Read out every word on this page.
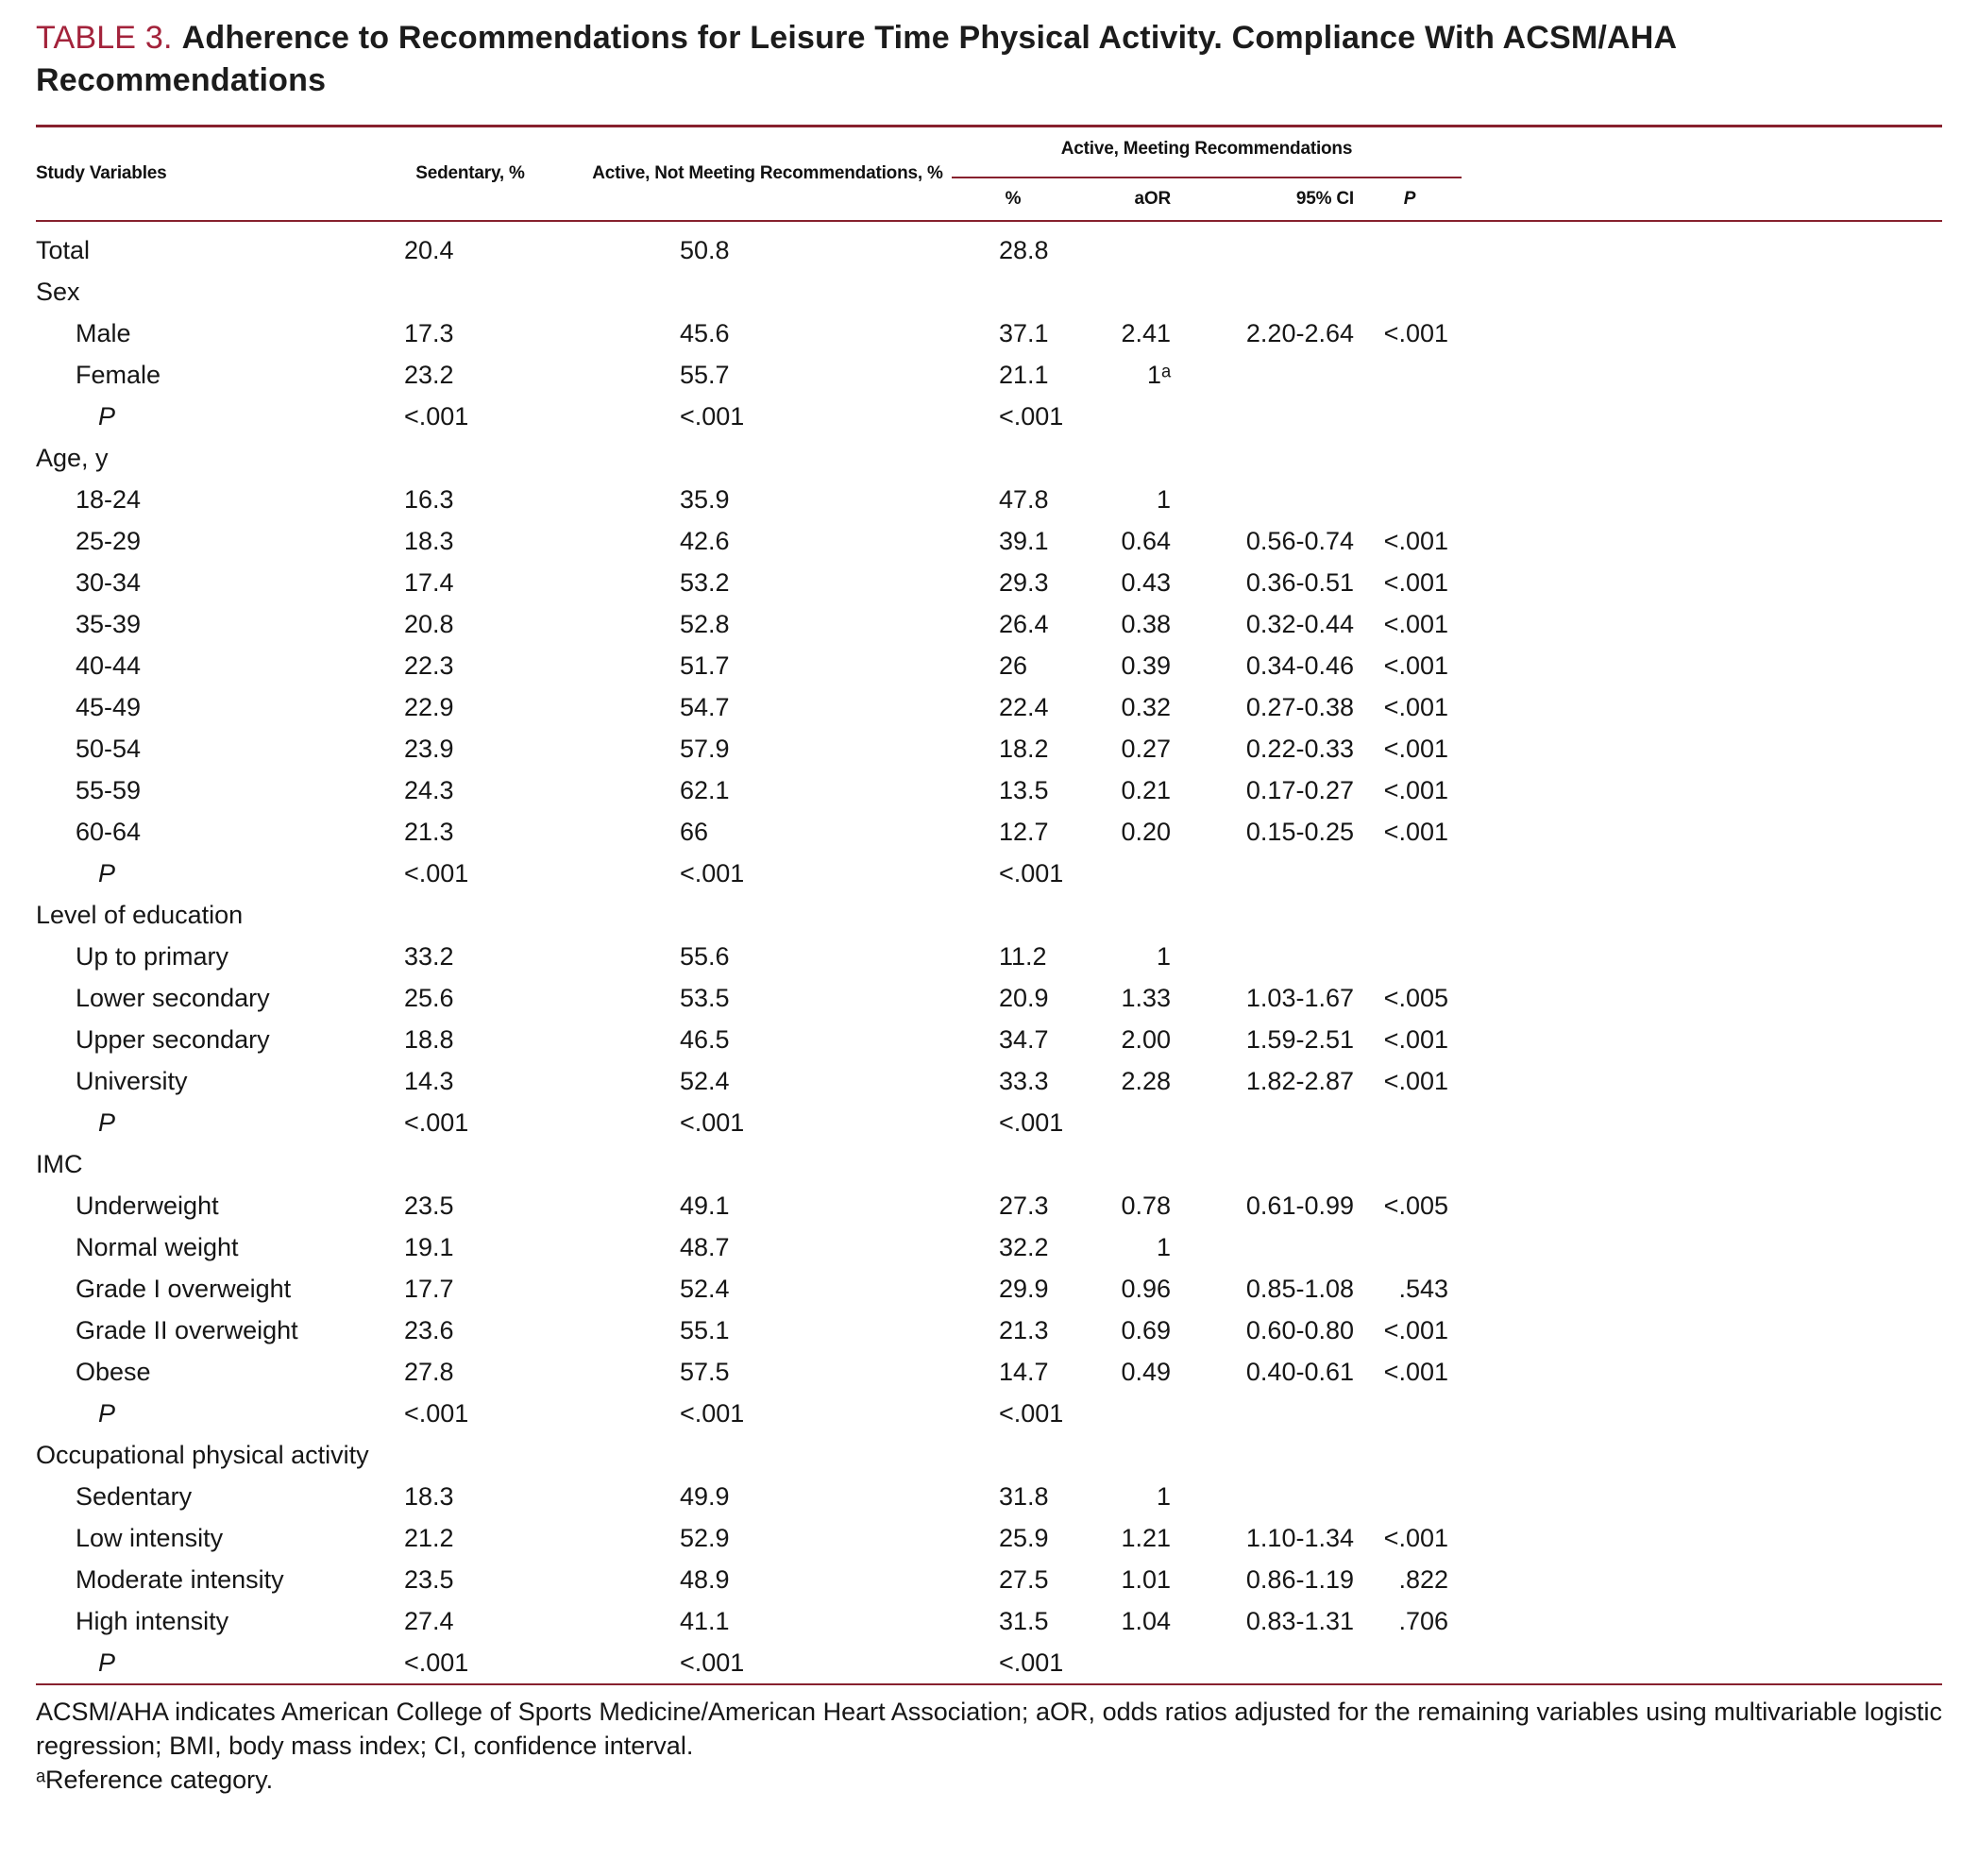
TABLE 3. Adherence to Recommendations for Leisure Time Physical Activity. Compliance With ACSM/AHA Recommendations
Study Variables	Sedentary, %	Active, Not Meeting Recommendations, %	Active, Meeting Recommendations				
			%	aOR	95% CI	P	
Total	20.4	50.8	28.8				
Sex							
Male	17.3	45.6	37.1	2.41	2.20-2.64	<.001	
Female	23.2	55.7	21.1	1ᵃ			
P	<.001	<.001	<.001				
Age, y							
18-24	16.3	35.9	47.8	1			
25-29	18.3	42.6	39.1	0.64	0.56-0.74	<.001	
30-34	17.4	53.2	29.3	0.43	0.36-0.51	<.001	
35-39	20.8	52.8	26.4	0.38	0.32-0.44	<.001	
40-44	22.3	51.7	26	0.39	0.34-0.46	<.001	
45-49	22.9	54.7	22.4	0.32	0.27-0.38	<.001	
50-54	23.9	57.9	18.2	0.27	0.22-0.33	<.001	
55-59	24.3	62.1	13.5	0.21	0.17-0.27	<.001	
60-64	21.3	66	12.7	0.20	0.15-0.25	<.001	
P	<.001	<.001	<.001				
Level of education							
Up to primary	33.2	55.6	11.2	1			
Lower secondary	25.6	53.5	20.9	1.33	1.03-1.67	<.005	
Upper secondary	18.8	46.5	34.7	2.00	1.59-2.51	<.001	
University	14.3	52.4	33.3	2.28	1.82-2.87	<.001	
P	<.001	<.001	<.001				
IMC							
Underweight	23.5	49.1	27.3	0.78	0.61-0.99	<.005	
Normal weight	19.1	48.7	32.2	1			
Grade I overweight	17.7	52.4	29.9	0.96	0.85-1.08	.543	
Grade II overweight	23.6	55.1	21.3	0.69	0.60-0.80	<.001	
Obese	27.8	57.5	14.7	0.49	0.40-0.61	<.001	
P	<.001	<.001	<.001				
Occupational physical activity							
Sedentary	18.3	49.9	31.8	1			
Low intensity	21.2	52.9	25.9	1.21	1.10-1.34	<.001	
Moderate intensity	23.5	48.9	27.5	1.01	0.86-1.19	.822	
High intensity	27.4	41.1	31.5	1.04	0.83-1.31	.706	
P	<.001	<.001	<.001				

ACSM/AHA indicates American College of Sports Medicine/American Heart Association; aOR, odds ratios adjusted for the remaining variables using multivariable logistic regression; BMI, body mass index; CI, confidence interval.

ᵃReference category.
